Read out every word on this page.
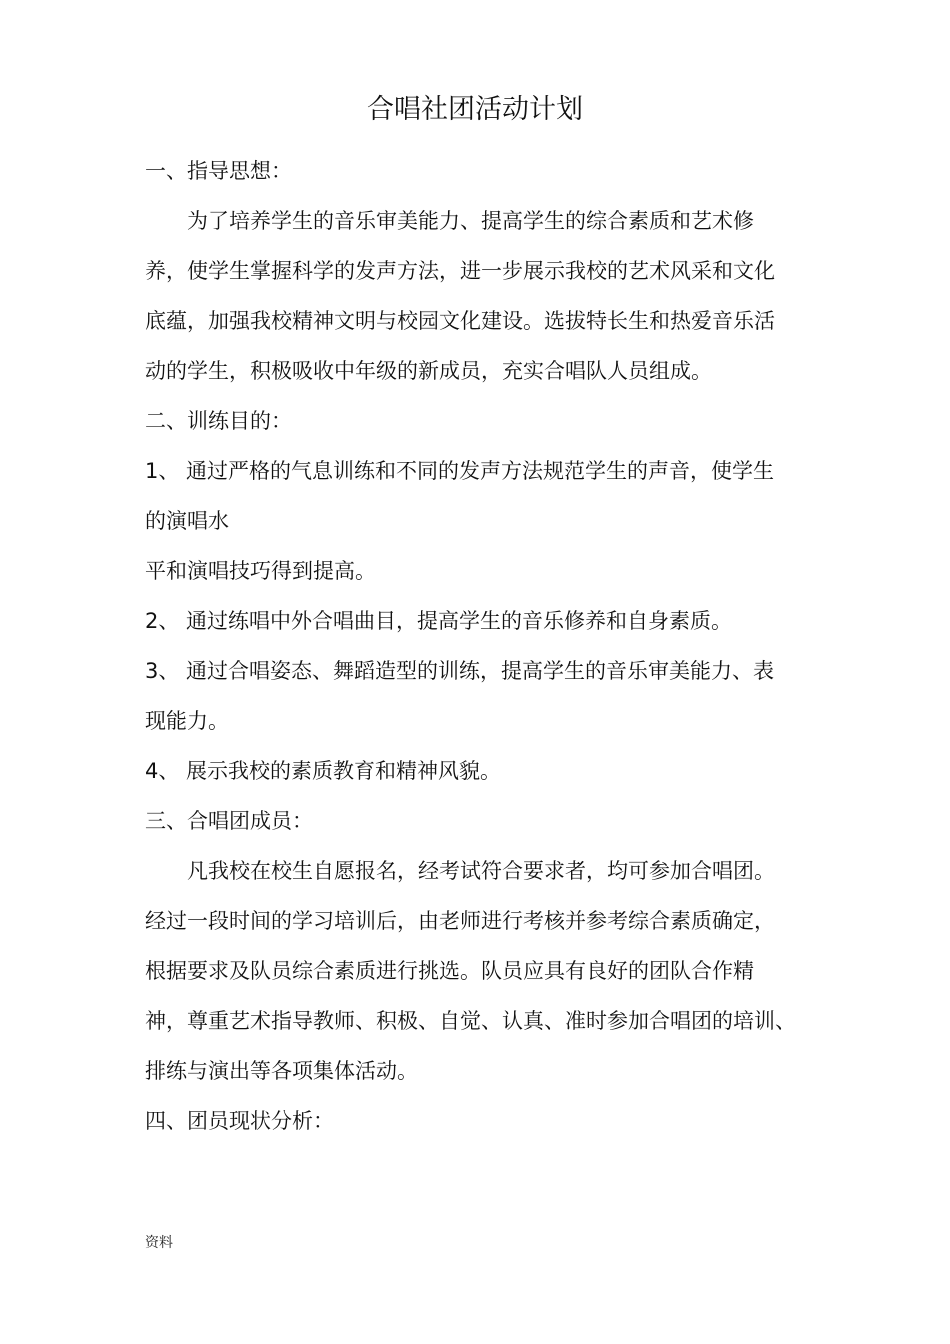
合唱社团活动计划

一、指导思想：

为了培养学生的音乐审美能力、提高学生的综合素质和艺术修

养，使学生掌握科学的发声方法，进一步展示我校的艺术风采和文化

底蕴，加强我校精神文明与校园文化建设。选拔特长生和热爱音乐活

动的学生，积极吸收中年级的新成员，充实合唱队人员组成。

二、训练目的：

1、 通过严格的气息训练和不同的发声方法规范学生的声音，使学生

的演唱水

平和演唱技巧得到提高。

2、 通过练唱中外合唱曲目，提高学生的音乐修养和自身素质。

3、 通过合唱姿态、舞蹈造型的训练，提高学生的音乐审美能力、表

现能力。

4、 展示我校的素质教育和精神风貌。

三、合唱团成员：

凡我校在校生自愿报名，经考试符合要求者，均可参加合唱团。

经过一段时间的学习培训后，由老师进行考核并参考综合素质确定，

根据要求及队员综合素质进行挑选。队员应具有良好的团队合作精

神，尊重艺术指导教师、积极、自觉、认真、准时参加合唱团的培训、

排练与演出等各项集体活动。

四、团员现状分析：

资料
